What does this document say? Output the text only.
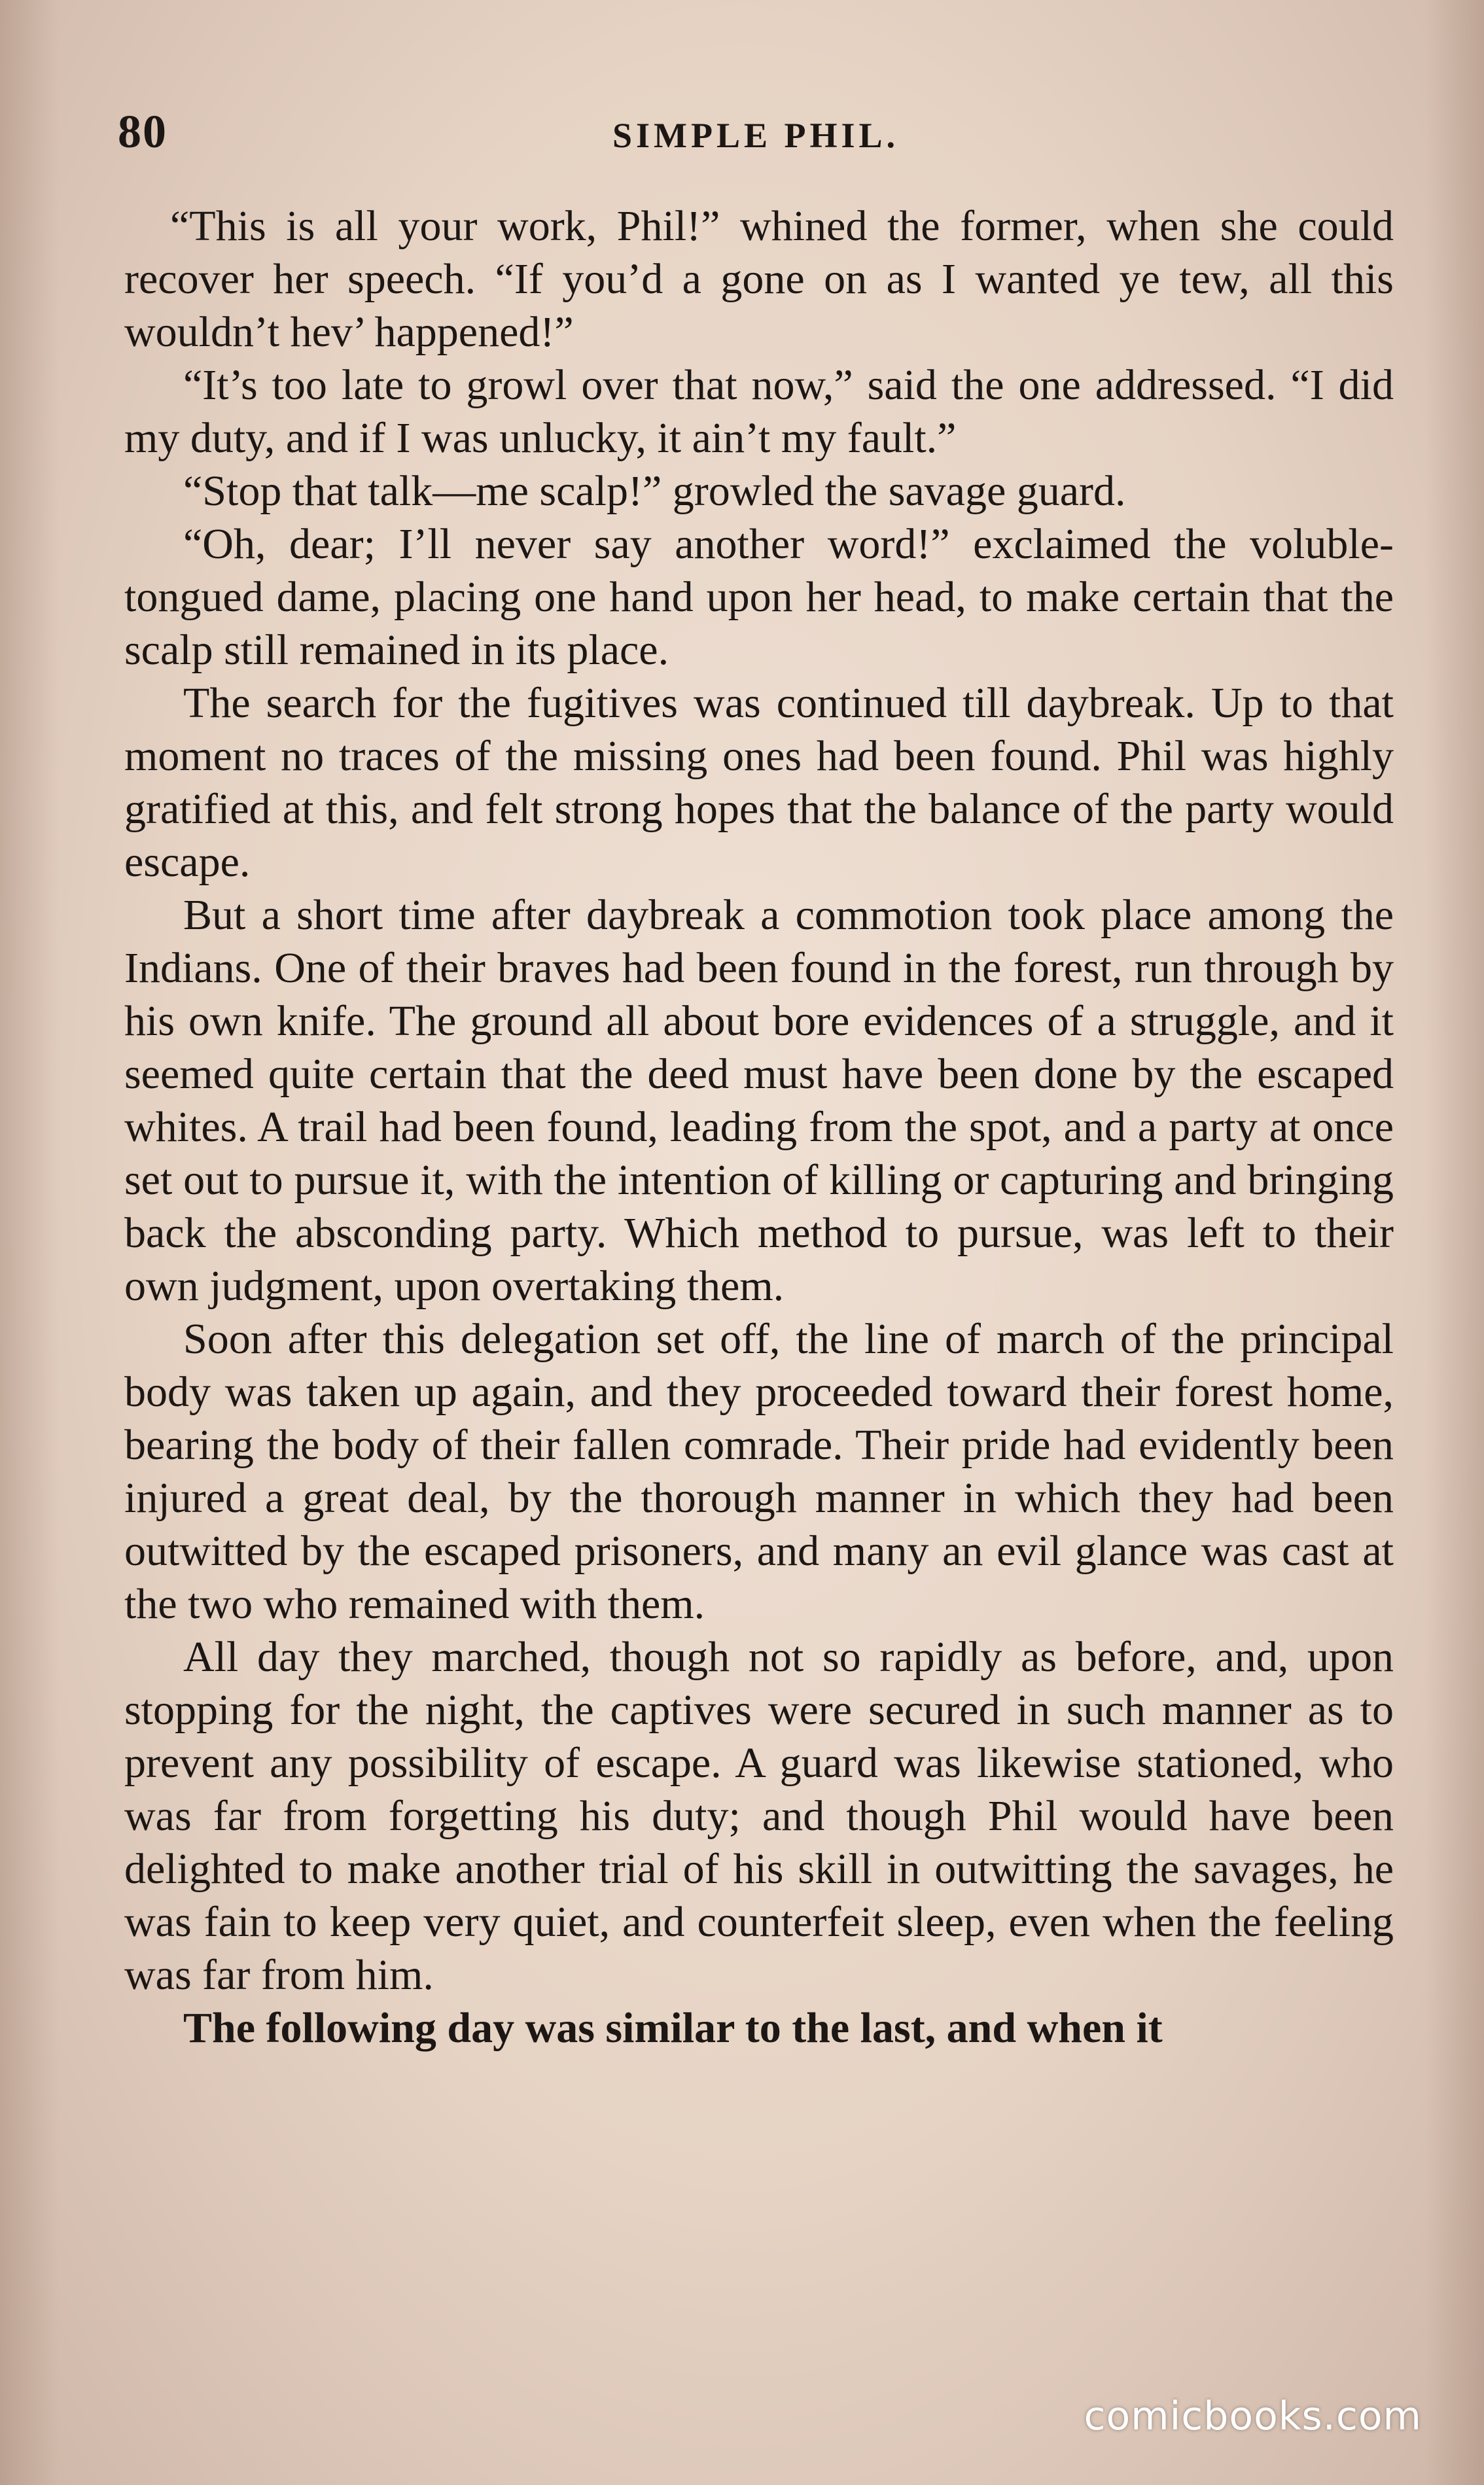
80	SIMPLE PHIL.

“This is all your work, Phil!” whined the former, when she could recover her speech. “If you’d a gone on as I wanted ye tew, all this wouldn’t hev’ happened!”

“It’s too late to growl over that now,” said the one addressed. “I did my duty, and if I was unlucky, it ain’t my fault.”

“Stop that talk—me scalp!” growled the savage guard.

“Oh, dear; I’ll never say another word!” exclaimed the voluble-tongued dame, placing one hand upon her head, to make certain that the scalp still remained in its place.

The search for the fugitives was continued till daybreak. Up to that moment no traces of the missing ones had been found. Phil was highly gratified at this, and felt strong hopes that the balance of the party would escape.

But a short time after daybreak a commotion took place among the Indians. One of their braves had been found in the forest, run through by his own knife. The ground all about bore evidences of a struggle, and it seemed quite certain that the deed must have been done by the escaped whites. A trail had been found, leading from the spot, and a party at once set out to pursue it, with the intention of killing or capturing and bringing back the absconding party. Which method to pursue, was left to their own judgment, upon overtaking them.

Soon after this delegation set off, the line of march of the principal body was taken up again, and they proceeded toward their forest home, bearing the body of their fallen comrade. Their pride had evidently been injured a great deal, by the thorough manner in which they had been outwitted by the escaped prisoners, and many an evil glance was cast at the two who remained with them.

All day they marched, though not so rapidly as before, and, upon stopping for the night, the captives were secured in such manner as to prevent any possibility of escape. A guard was likewise stationed, who was far from forgetting his duty; and though Phil would have been delighted to make another trial of his skill in outwitting the savages, he was fain to keep very quiet, and counterfeit sleep, even when the feeling was far from him.

The following day was similar to the last, and when it

comicbooks.com
